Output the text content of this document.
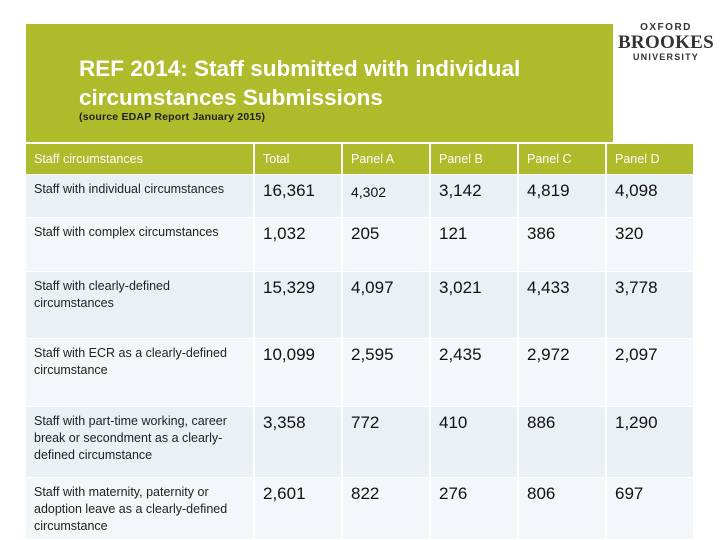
REF 2014: Staff submitted with individual circumstances Submissions
(source EDAP Report January 2015)
OXFORD
BROOKES
UNIVERSITY
Staff circumstances	Total	Panel A	Panel B	Panel C	Panel D
Staff with individual circumstances	16,361	4,302	3,142	4,819	4,098
Staff with complex circumstances	1,032	205	121	386	320
Staff with clearly-defined circumstances	15,329	4,097	3,021	4,433	3,778
Staff with ECR as a clearly-defined circumstance	10,099	2,595	2,435	2,972	2,097
Staff with part-time working, career break or secondment as a clearly-defined circumstance	3,358	772	410	886	1,290
Staff with maternity, paternity or adoption leave as a clearly-defined circumstance	2,601	822	276	806	697
